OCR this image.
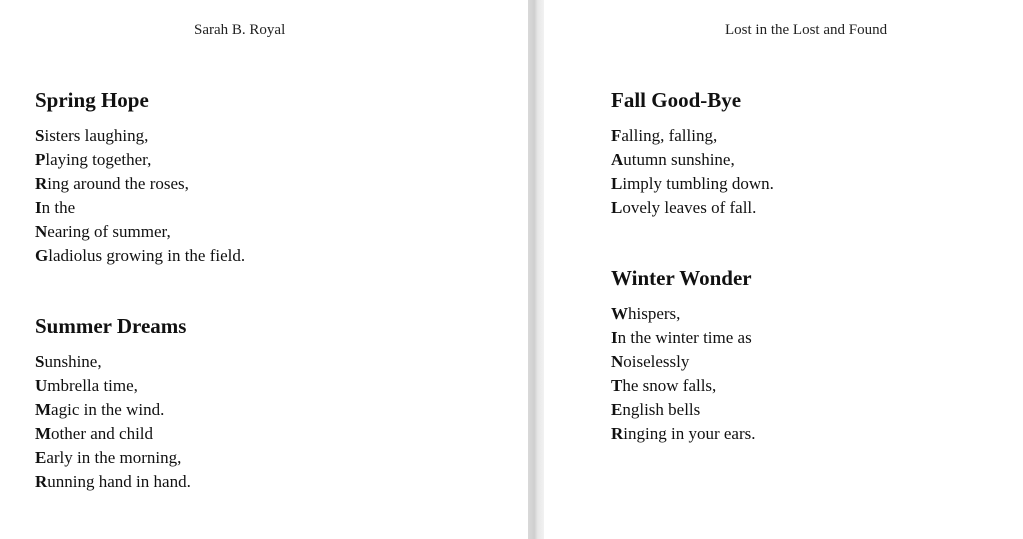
Sarah B. Royal
Spring Hope
Sisters laughing,
Playing together,
Ring around the roses,
In the
Nearing of summer,
Gladiolus growing in the field.
Summer Dreams
Sunshine,
Umbrella time,
Magic in the wind.
Mother and child
Early in the morning,
Running hand in hand.
Lost in the Lost and Found
Fall Good-Bye
Falling, falling,
Autumn sunshine,
Limply tumbling down.
Lovely leaves of fall.
Winter Wonder
Whispers,
In the winter time as
Noiselessly
The snow falls,
English bells
Ringing in your ears.
